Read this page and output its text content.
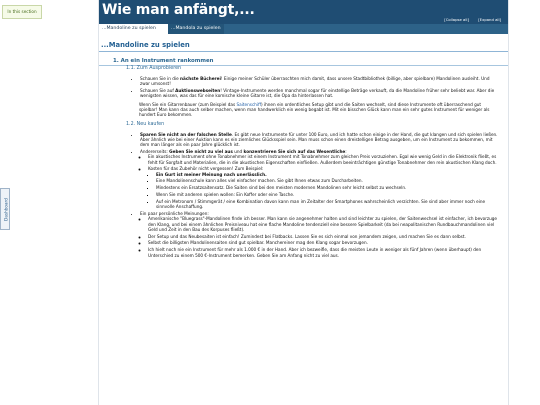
In this section
Dashboard
Wie man anfängt,...
[Collapse all] [Expand all]
...Mandoline zu spielen	...Mandola zu spielen
...Mandoline zu spielen
1. An ein Instrument rankommen
1.1. Zum Ausprobieren
• Schauen Sie in die nächste Bücherei! Einige meiner Schüler überraschten mich damit, dass unsere Stadtbibliothek (billige, aber spielbare) Mandolinen ausleiht. Und zwar umsonst!
• Schauen Sie auf Auktionswebseiten! Vintage-Instrumente werden manchmal sogar für einstellige Beträge verkauft, da die Mandoline früher sehr beliebt war. Aber die wenigsten wissen, was das für eine komische kleine Gitarre ist, die Opa da hinterlassen hat.

Wenn Sie ein Gitarrenbauer (zum Beispiel das Saitenschiff) ihnen ein ordentliches Setup gibt und die Saiten wechselt, sind diese Instrumente oft überraschend gut spielbar! Man kann das auch selber machen, wenn man handwerklich ein wenig begabt ist. Mit ein bisschen Glück kann man ein sehr gutes Instrument für weniger als hundert Euro bekommen.

1.2. Neu kaufen
• Sparen Sie nicht an der falschen Stelle. Es gibt neue Instrumente für unter 100 Euro, und ich hatte schon einige in der Hand, die gut klangen und sich spielen ließen. Aber ähnlich wie bei einer Auktion kann es ein ziemliches Glücksspiel sein. Man muss schon einen dreistelligen Betrag ausgeben, um ein Instrument zu bekommen, mit dem man länger als ein paar Jahre glücklich ist.
• Andererseits: Geben Sie nicht zu viel aus und konzentrieren Sie sich auf das Wesentliche:
◦ Ein akustisches Instrument ohne Tonabnehmer ist einem Instrument mit Tonabnehmer zum gleichen Preis vorzuziehen. Egal wie wenig Geld in die Elektronik fließt, es fehlt für Sorgfalt und Materialien, die in die akustischen Eigenschaften einfließen. Außerdem beeinträchtigen günstige Tonabnehmer den rein akustischen Klang doch.
◦ Kosten für das Zubehör nicht vergessen! Zum Beispiel:
▪ Ein Gurt ist meiner Meinung nach unerlässlich.
▪ Eine Mandolinenschule kann alles viel einfacher machen. Sie gibt Ihnen etwas zum Durcharbeiten.
▪ Mindestens ein Ersatzsaitensatz. Die Saiten sind bei den meisten modernen Mandolinen sehr leicht selbst zu wechseln.
▪ Wenn Sie mit anderen spielen wollen: Ein Koffer oder eine Tasche.
▪ Auf ein Metronom / Stimmgerät / eine Kombination davon kann man im Zeitalter der Smartphones wahrscheinlich verzichten. Sie sind aber immer noch eine sinnvolle Anschaffung.
• Ein paar persönliche Meinungen:
◦ Amerikanische "Bluegrass"-Mandolinen finde ich besser. Man kann sie angenehmer halten und sind leichter zu spielen, der Saitenwechsel ist einfacher, ich bevorzuge den Klang, und bei einem ähnlichen Preisniveau hat eine flache Mandoline tendenziell eine bessere Spielbarkeit (da bei neapolitanischen Rundbauchmandolinen viel Geld und Zeit in den Bau des Korpuses fließt).
◦ Der Setup und das Neubesaiten ist einfach! Zumindest bei Flatbacks. Lassen Sie es sich einmal von jemandem zeigen, und machen Sie es dann selbst.
◦ Selbst die billigsten Mandolinensaiten sind gut spielbar. Manchereiner mag den Klang sogar bevorzugen.
◦ Ich hielt noch nie ein Instrument für mehr als 1.000 € in der Hand. Aber ich bezweifle, dass die meisten Leute in weniger als fünf Jahren (wenn überhaupt) den Unterschied zu einem 500 €-Instrument bemerken. Geben Sie am Anfang nicht zu viel aus.
